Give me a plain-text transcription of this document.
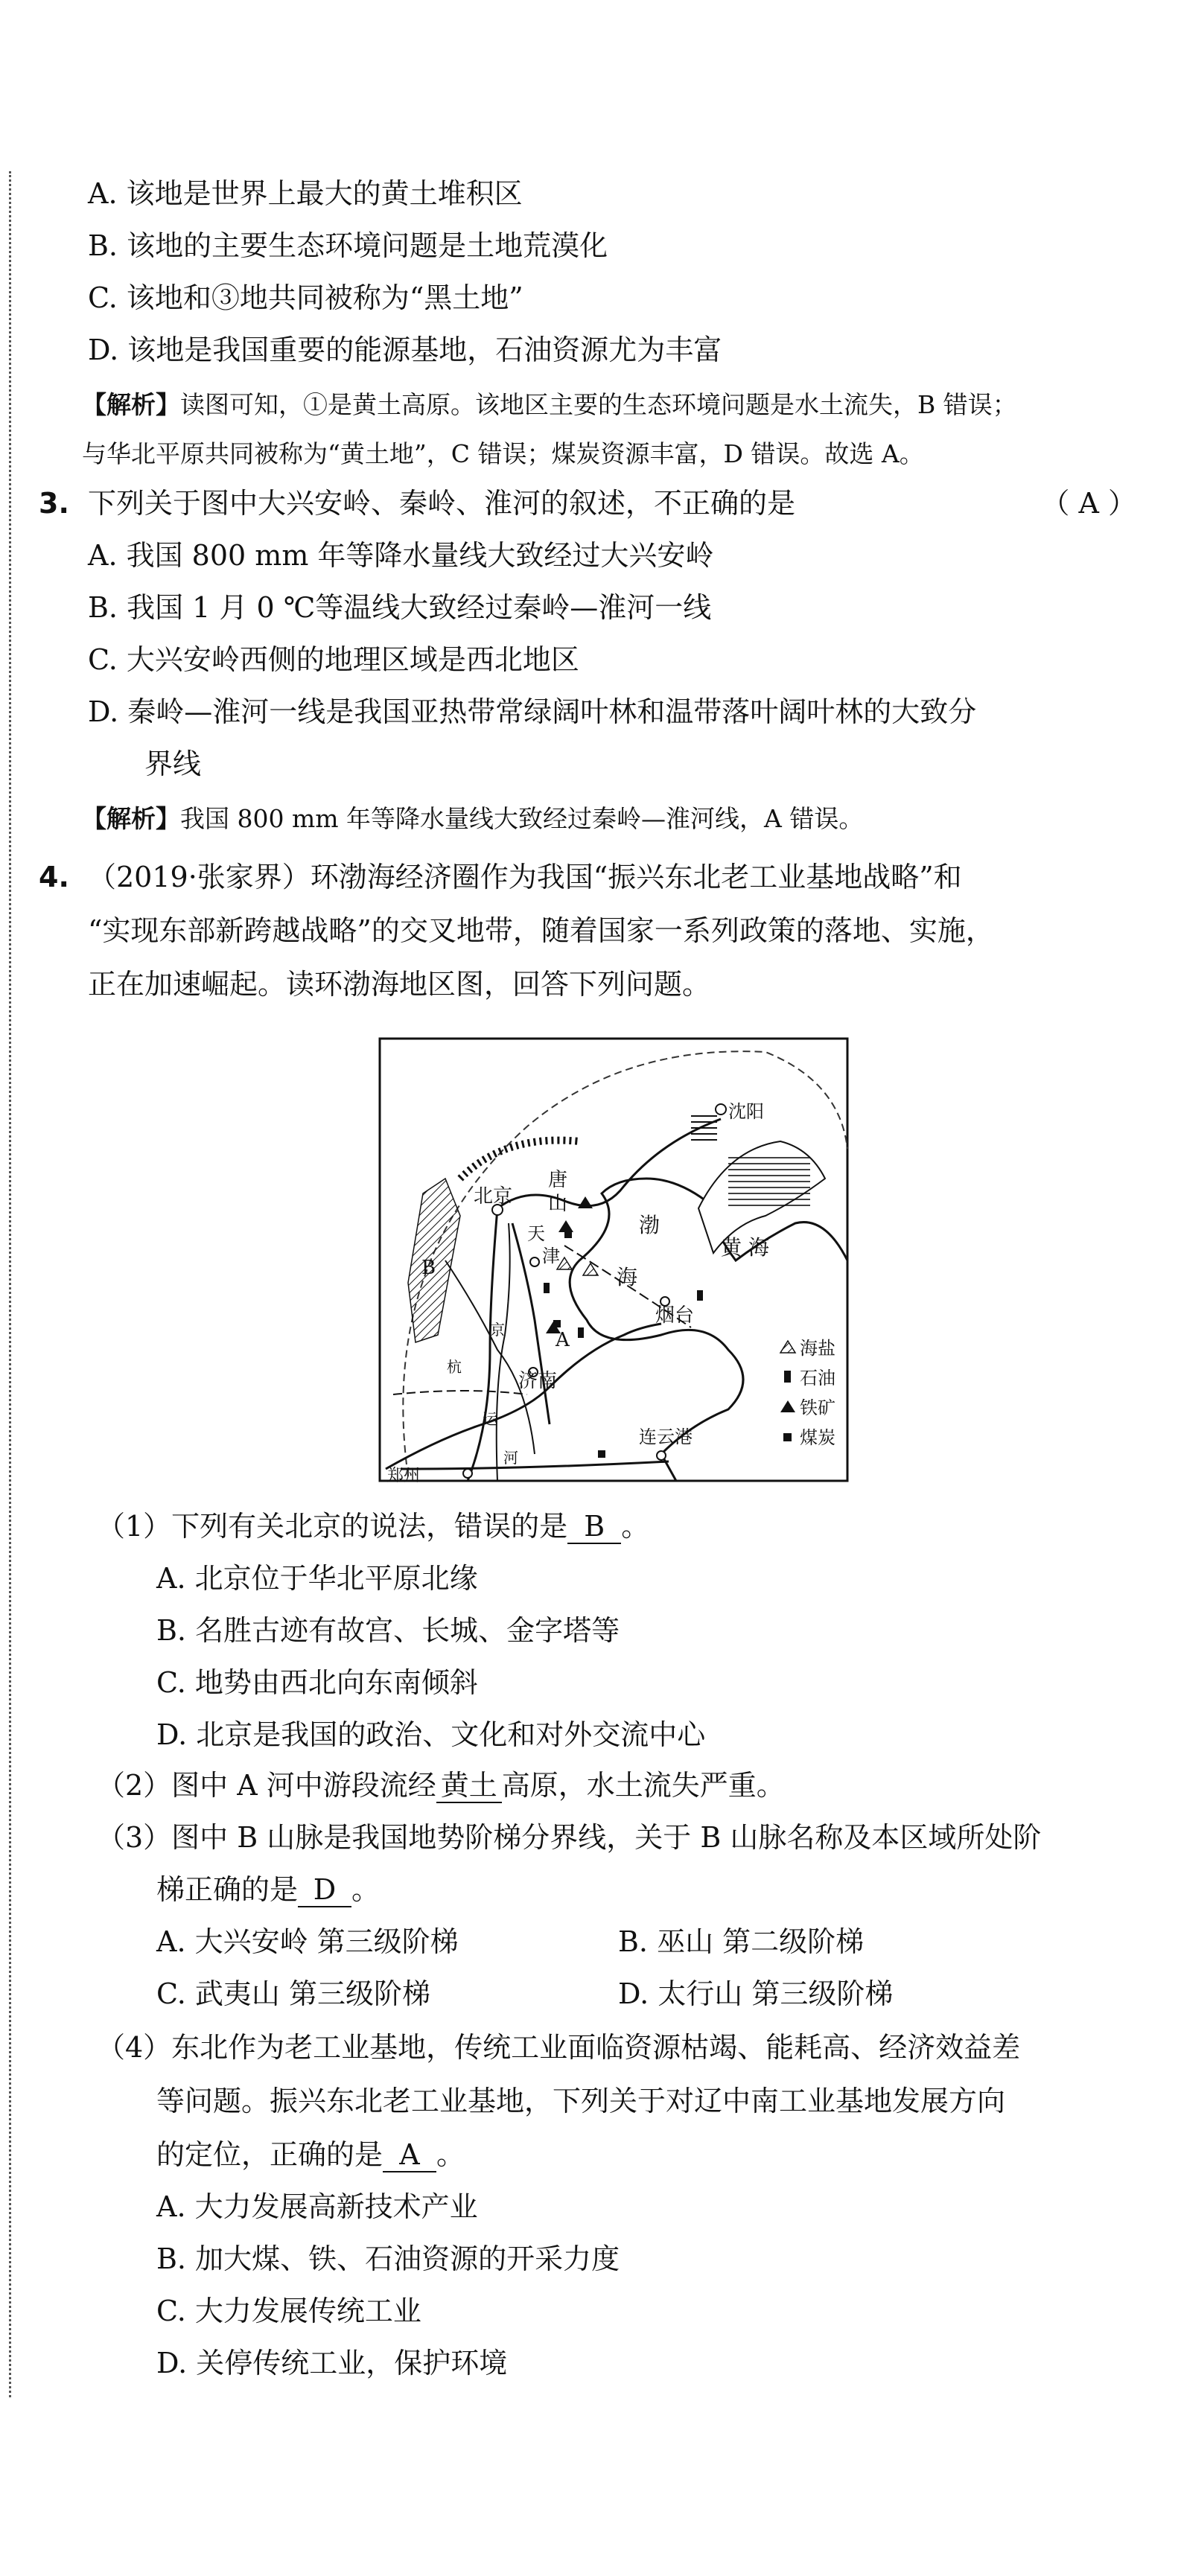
A. 该地是世界上最大的黄土堆积区
B. 该地的主要生态环境问题是土地荒漠化
C. 该地和③地共同被称为“黑土地”
D. 该地是我国重要的能源基地，石油资源尤为丰富
【解析】读图可知，①是黄土高原。该地区主要的生态环境问题是水土流失，B 错误；
与华北平原共同被称为“黄土地”，C 错误；煤炭资源丰富，D 错误。故选 A。
3. 下列关于图中大兴安岭、秦岭、淮河的叙述，不正确的是	（ A ）
A. 我国 800 mm 年等降水量线大致经过大兴安岭
B. 我国 1 月 0 ℃等温线大致经过秦岭—淮河一线
C. 大兴安岭西侧的地理区域是西北地区
D. 秦岭—淮河一线是我国亚热带常绿阔叶林和温带落叶阔叶林的大致分
界线
【解析】我国 800 mm 年等降水量线大致经过秦岭—淮河线，A 错误。
4. （2019·张家界）环渤海经济圈作为我国“振兴东北老工业基地战略”和
“实现东部新跨越战略”的交叉地带，随着国家一系列政策的落地、实施，
正在加速崛起。读环渤海地区图，回答下列问题。
沈阳
北京
唐
山
天
津
渤
海
黄 海
烟台
济南
连云港
郑州
B
A
杭
京
运
河
海盐
石油
铁矿
煤炭
（1）下列有关北京的说法，错误的是 B 。
A. 北京位于华北平原北缘
B. 名胜古迹有故宫、长城、金字塔等
C. 地势由西北向东南倾斜
D. 北京是我国的政治、文化和对外交流中心
（2）图中 A 河中游段流经 黄土 高原，水土流失严重。
（3）图中 B 山脉是我国地势阶梯分界线，关于 B 山脉名称及本区域所处阶
梯正确的是 D 。
A. 大兴安岭 第三级阶梯	B. 巫山 第二级阶梯
C. 武夷山 第三级阶梯	D. 太行山 第三级阶梯
（4）东北作为老工业基地，传统工业面临资源枯竭、能耗高、经济效益差
等问题。振兴东北老工业基地，下列关于对辽中南工业基地发展方向
的定位，正确的是 A 。
A. 大力发展高新技术产业
B. 加大煤、铁、石油资源的开采力度
C. 大力发展传统工业
D. 关停传统工业，保护环境
